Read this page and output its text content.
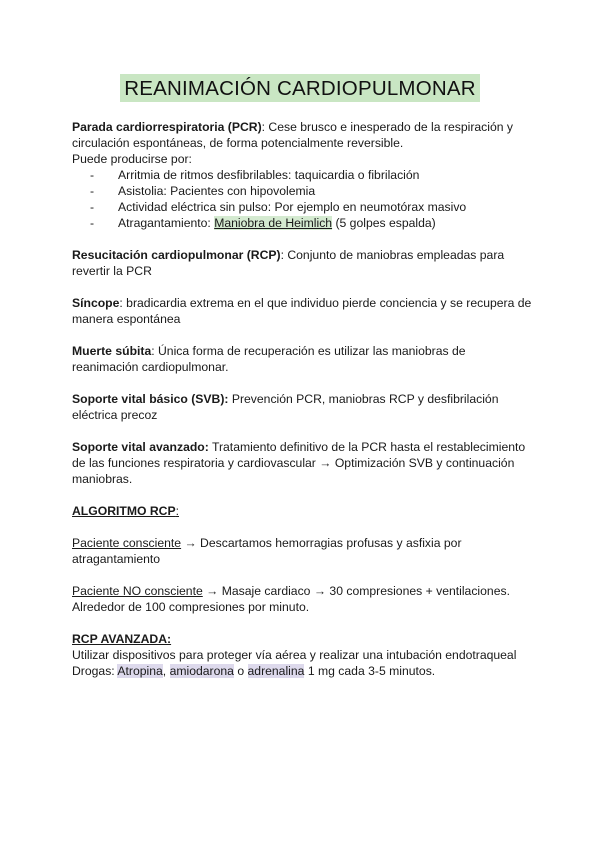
REANIMACIÓN CARDIOPULMONAR

Parada cardiorrespiratoria (PCR): Cese brusco e inesperado de la respiración y circulación espontáneas, de forma potencialmente reversible.

Puede producirse por:

- Arritmia de ritmos desfibrilables: taquicardia o fibrilación
- Asistolia: Pacientes con hipovolemia
- Actividad eléctrica sin pulso: Por ejemplo en neumotórax masivo
- Atragantamiento: Maniobra de Heimlich (5 golpes espalda)

Resucitación cardiopulmonar (RCP): Conjunto de maniobras empleadas para revertir la PCR

Síncope: bradicardia extrema en el que individuo pierde conciencia y se recupera de manera espontánea

Muerte súbita: Única forma de recuperación es utilizar las maniobras de reanimación cardiopulmonar.

Soporte vital básico (SVB): Prevención PCR, maniobras RCP y desfibrilación eléctrica precoz

Soporte vital avanzado: Tratamiento definitivo de la PCR hasta el restablecimiento de las funciones respiratoria y cardiovascular → Optimización SVB y continuación maniobras.

ALGORITMO RCP:

Paciente consciente → Descartamos hemorragias profusas y asfixia por atragantamiento

Paciente NO consciente → Masaje cardiaco → 30 compresiones + ventilaciones. Alrededor de 100 compresiones por minuto.

RCP AVANZADA:

Utilizar dispositivos para proteger vía aérea y realizar una intubación endotraqueal

Drogas: Atropina, amiodarona o adrenalina 1 mg cada 3-5 minutos.
